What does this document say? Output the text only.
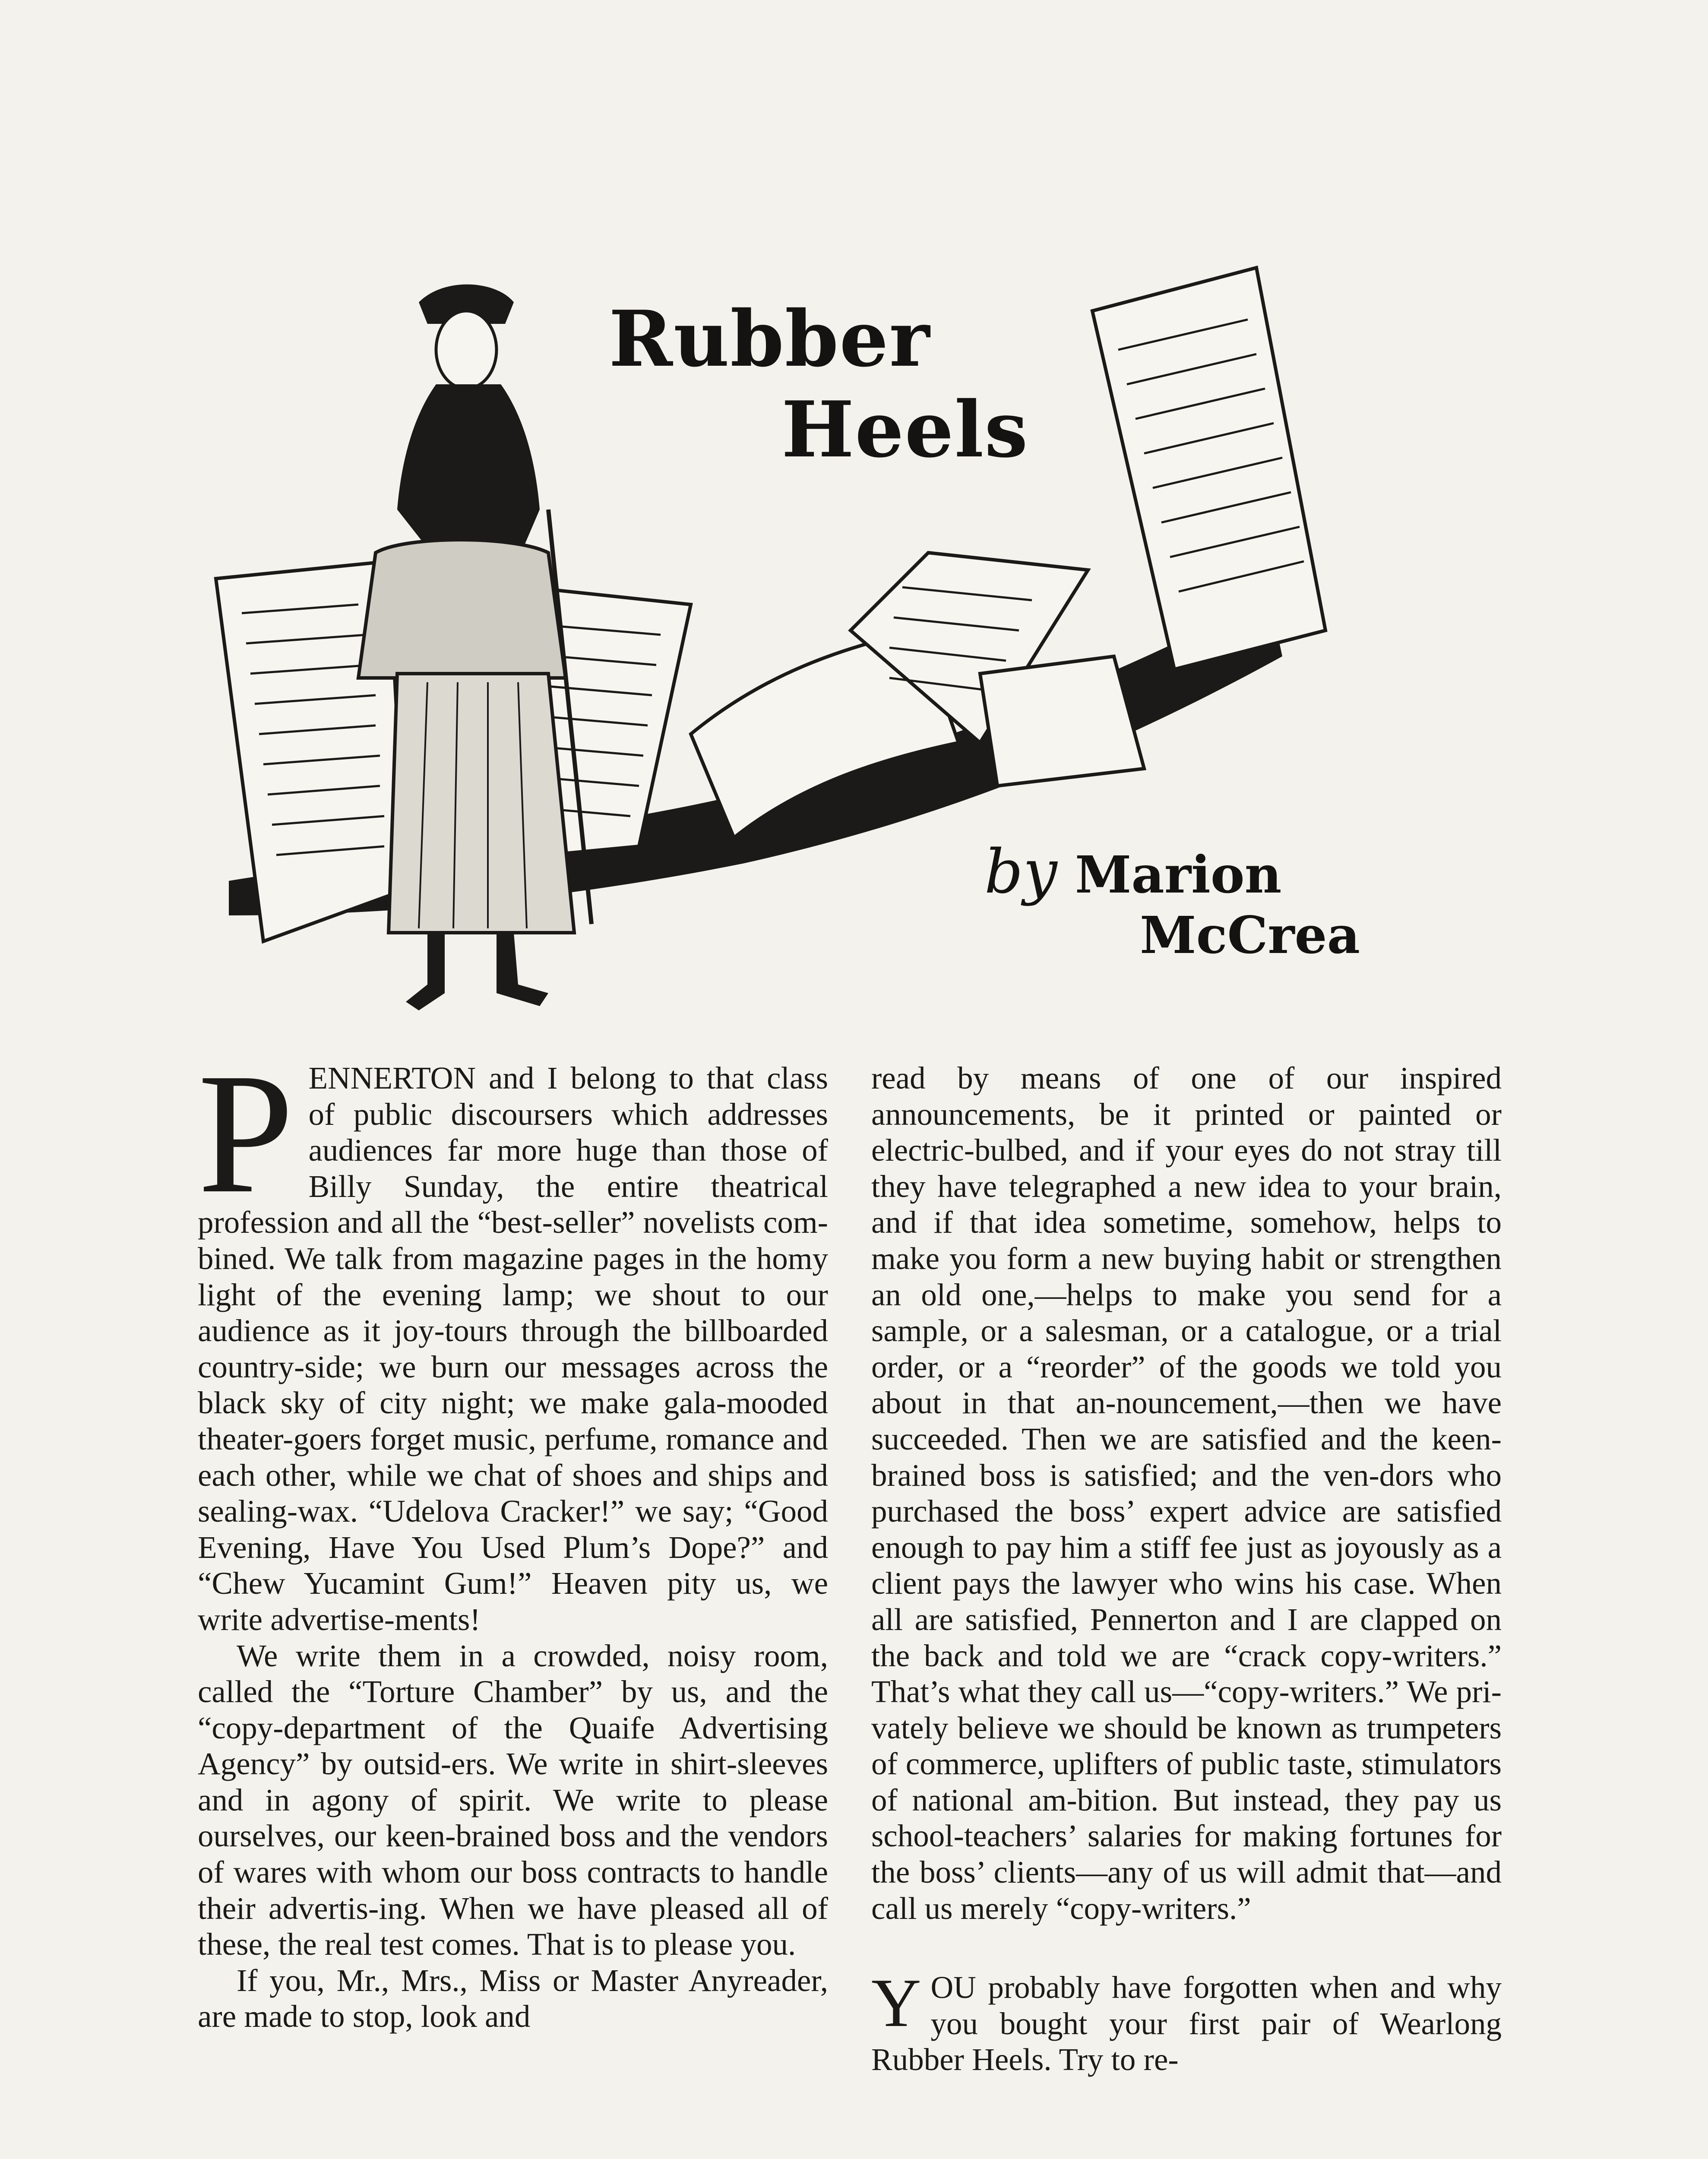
Rubber
Heels
by Marion
McCrea

PENNERTON and I belong to that class of public discoursers which addresses audiences far more huge than those of Billy Sunday, the entire theatrical profession and all the “best-seller” novelists com-bined. We talk from magazine pages in the homy light of the evening lamp; we shout to our audience as it joy-tours through the billboarded country-side; we burn our messages across the black sky of city night; we make gala-mooded theater-goers forget music, perfume, romance and each other, while we chat of shoes and ships and sealing-wax. “Udelova Cracker!” we say; “Good Evening, Have You Used Plum’s Dope?” and “Chew Yucamint Gum!” Heaven pity us, we write advertise-ments!

We write them in a crowded, noisy room, called the “Torture Chamber” by us, and the “copy-department of the Quaife Advertising Agency” by outsid-ers. We write in shirt-sleeves and in agony of spirit. We write to please ourselves, our keen-brained boss and the vendors of wares with whom our boss contracts to handle their advertis-ing. When we have pleased all of these, the real test comes. That is to please you.

If you, Mr., Mrs., Miss or Master Anyreader, are made to stop, look and

read by means of one of our inspired announcements, be it printed or painted or electric-bulbed, and if your eyes do not stray till they have telegraphed a new idea to your brain, and if that idea sometime, somehow, helps to make you form a new buying habit or strengthen an old one,—helps to make you send for a sample, or a salesman, or a catalogue, or a trial order, or a “reorder” of the goods we told you about in that an-nouncement,—then we have succeeded. Then we are satisfied and the keen-brained boss is satisfied; and the ven-dors who purchased the boss’ expert advice are satisfied enough to pay him a stiff fee just as joyously as a client pays the lawyer who wins his case. When all are satisfied, Pennerton and I are clapped on the back and told we are “crack copy-writers.” That’s what they call us—“copy-writers.” We pri-vately believe we should be known as trumpeters of commerce, uplifters of public taste, stimulators of national am-bition. But instead, they pay us school-teachers’ salaries for making fortunes for the boss’ clients—any of us will admit that—and call us merely “copy-writers.”

YOU probably have forgotten when and why you bought your first pair of Wearlong Rubber Heels. Try to re-
